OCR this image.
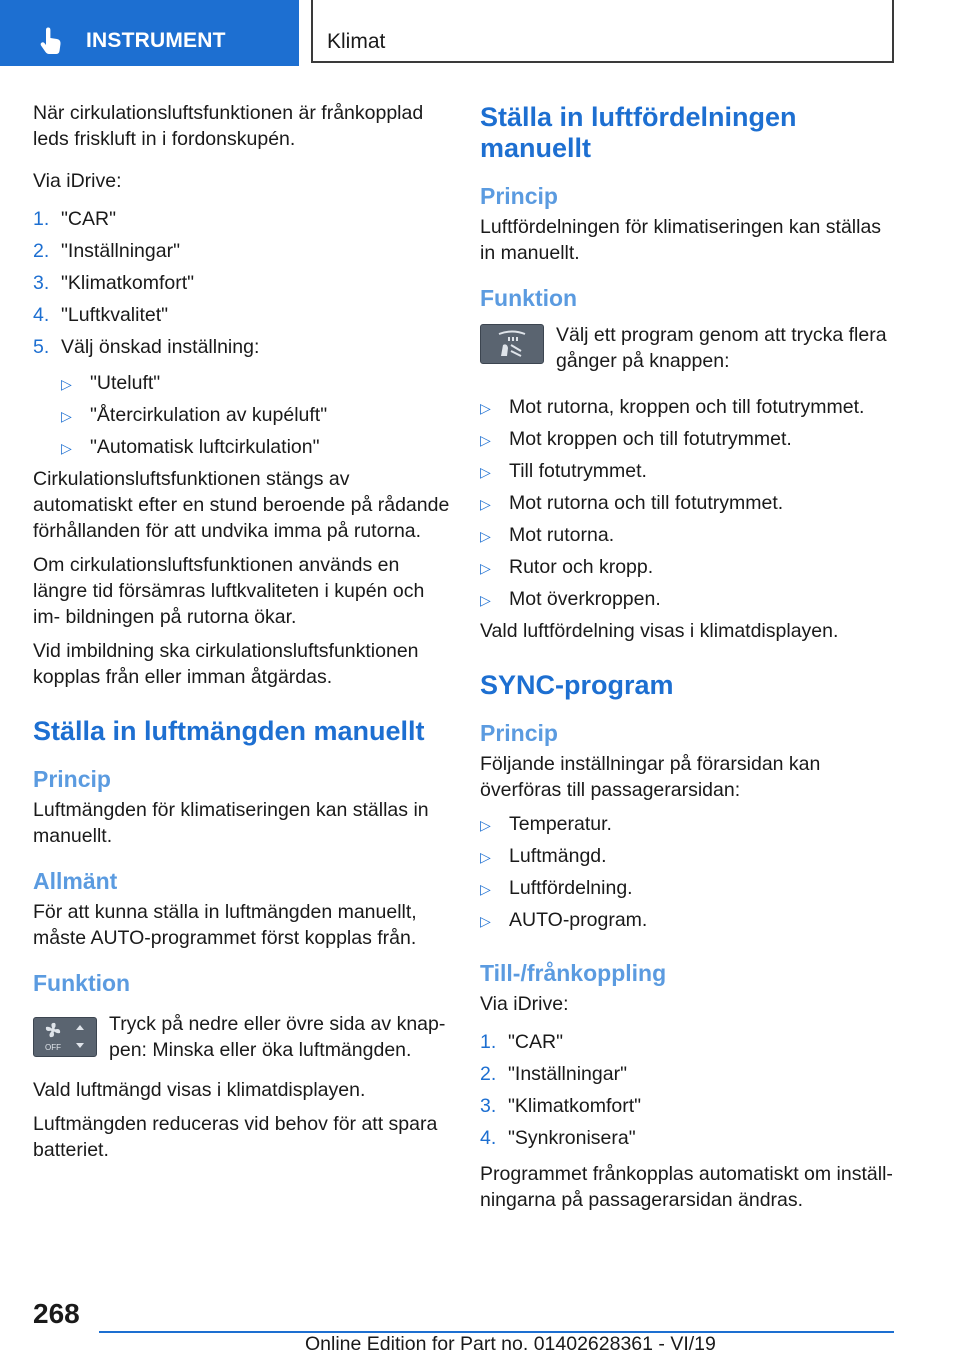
INSTRUMENT	Klimat

När cirkulationsluftsfunktionen är frånkopplad leds friskluft in i fordonskupén.

Via iDrive:

1. "CAR"
2. "Inställningar"
3. "Klimatkomfort"
4. "Luftkvalitet"
5. Välj önskad inställning:
▷ "Uteluft"
▷ "Återcirkulation av kupéluft"
▷ "Automatisk luftcirkulation"

Cirkulationsluftsfunktionen stängs av automatiskt efter en stund beroende på rådande förhållanden för att undvika imma på rutorna.

Om cirkulationsluftsfunktionen används en längre tid försämras luftkvaliteten i kupén och im- bildningen på rutorna ökar.

Vid imbildning ska cirkulationsluftsfunktionen kopplas från eller imman åtgärdas.

Ställa in luftmängden manuellt
Princip

Luftmängden för klimatiseringen kan ställas in manuellt.

Allmänt

För att kunna ställa in luftmängden manuellt, måste AUTO-programmet först kopplas från.

Funktion
OFF
Tryck på nedre eller övre sida av knap- pen: Minska eller öka luftmängden.

Vald luftmängd visas i klimatdisplayen.

Luftmängden reduceras vid behov för att spara batteriet.

Ställa in luftfördelningen manuellt
Princip

Luftfördelningen för klimatiseringen kan ställas in manuellt.

Funktion
Välj ett program genom att trycka flera gånger på knappen:
▷ Mot rutorna, kroppen och till fotutrymmet.
▷ Mot kroppen och till fotutrymmet.
▷ Till fotutrymmet.
▷ Mot rutorna och till fotutrymmet.
▷ Mot rutorna.
▷ Rutor och kropp.
▷ Mot överkroppen.

Vald luftfördelning visas i klimatdisplayen.

SYNC-program
Princip

Följande inställningar på förarsidan kan överföras till passagerarsidan:

▷ Temperatur.
▷ Luftmängd.
▷ Luftfördelning.
▷ AUTO-program.
Till-/frånkoppling

Via iDrive:

1. "CAR"
2. "Inställningar"
3. "Klimatkomfort"
4. "Synkronisera"

Programmet frånkopplas automatiskt om inställ- ningarna på passagerarsidan ändras.

268
Online Edition for Part no. 01402628361 - VI/19
